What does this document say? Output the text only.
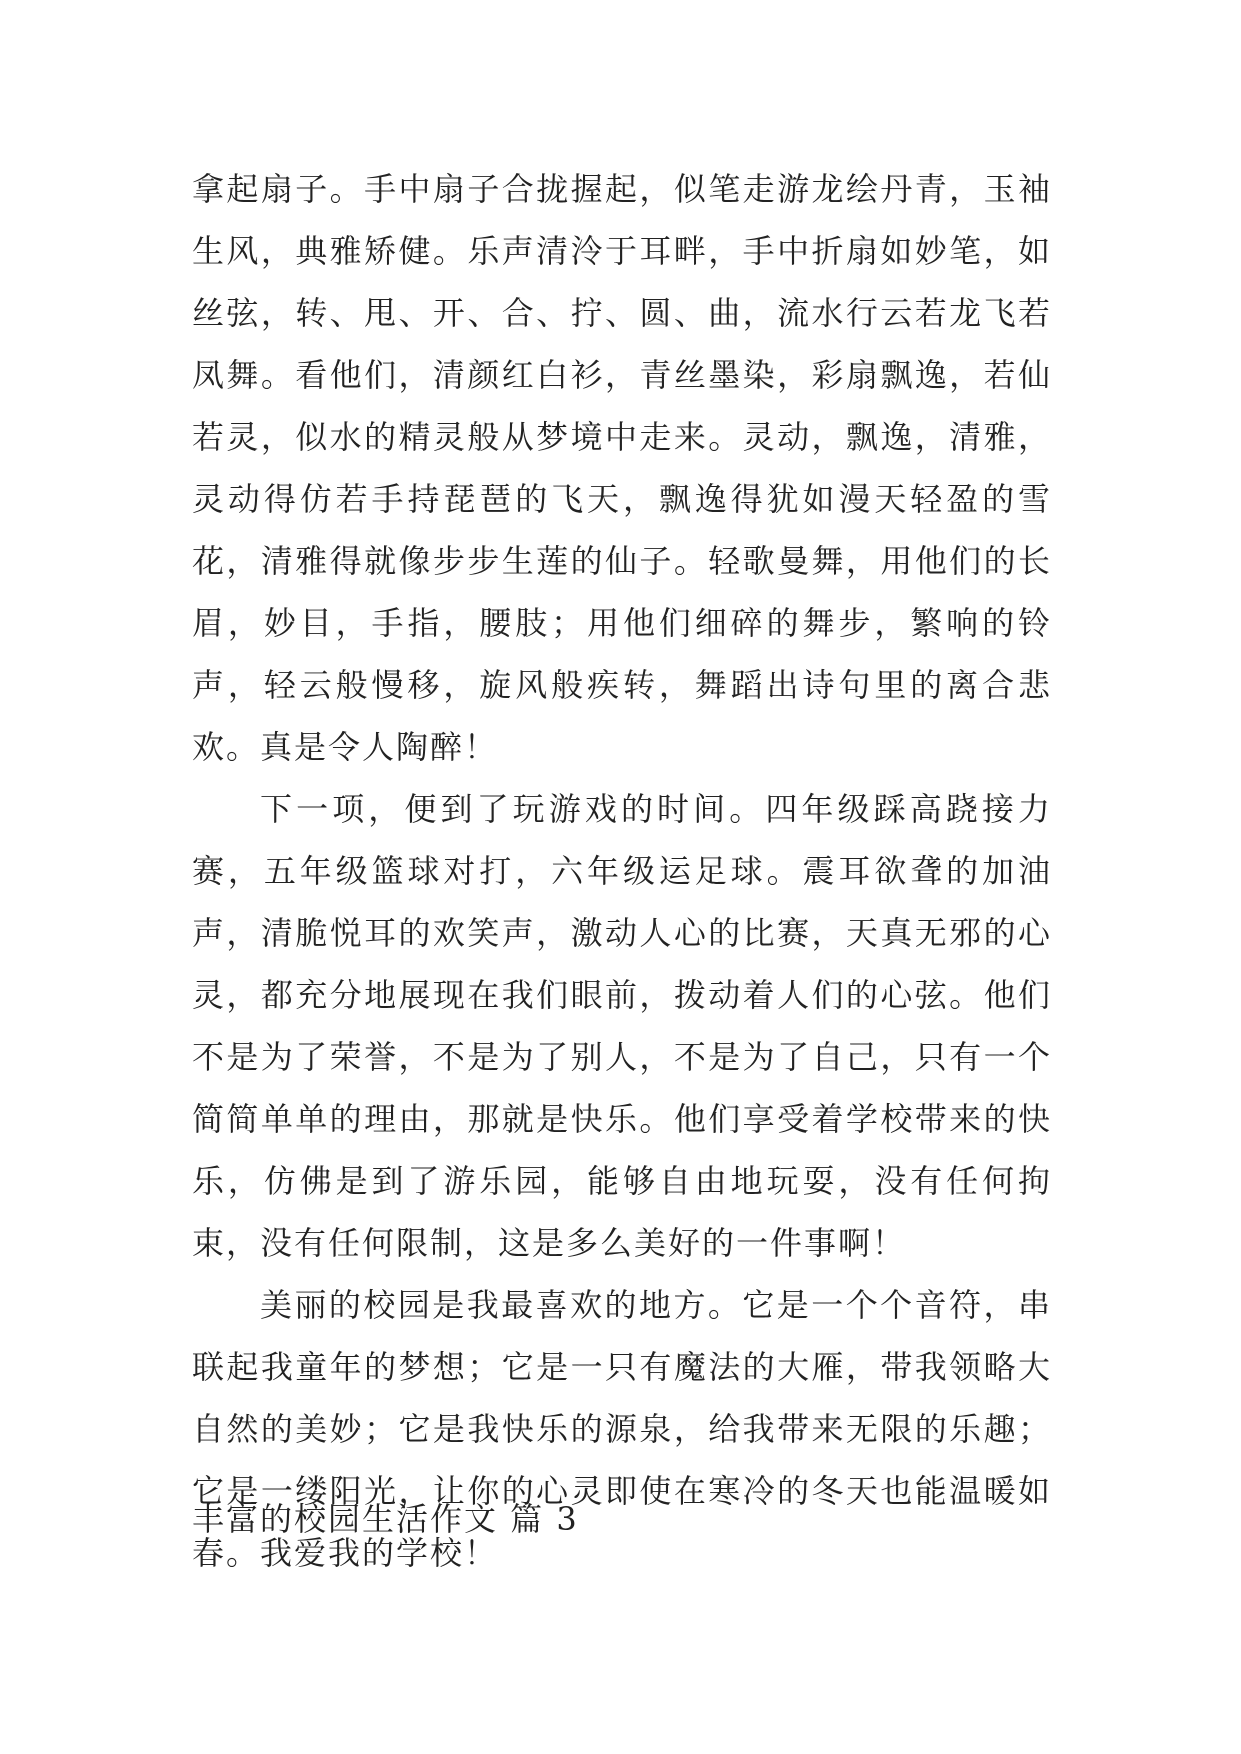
拿起扇子。手中扇子合拢握起，似笔走游龙绘丹青，玉袖生风，典雅矫健。乐声清泠于耳畔，手中折扇如妙笔，如丝弦，转、甩、开、合、拧、圆、曲，流水行云若龙飞若凤舞。看他们，清颜红白衫，青丝墨染，彩扇飘逸，若仙若灵，似水的精灵般从梦境中走来。灵动，飘逸，清雅，灵动得仿若手持琵琶的飞天，飘逸得犹如漫天轻盈的雪花，清雅得就像步步生莲的仙子。轻歌曼舞，用他们的长眉，妙目，手指，腰肢；用他们细碎的舞步，繁响的铃声，轻云般慢移，旋风般疾转，舞蹈出诗句里的离合悲欢。真是令人陶醉！

下一项，便到了玩游戏的时间。四年级踩高跷接力赛，五年级篮球对打，六年级运足球。震耳欲聋的加油声，清脆悦耳的欢笑声，激动人心的比赛，天真无邪的心灵，都充分地展现在我们眼前，拨动着人们的心弦。他们不是为了荣誉，不是为了别人，不是为了自己，只有一个简简单单的理由，那就是快乐。他们享受着学校带来的快乐，仿佛是到了游乐园，能够自由地玩耍，没有任何拘束，没有任何限制，这是多么美好的一件事啊！

美丽的校园是我最喜欢的地方。它是一个个音符，串联起我童年的梦想；它是一只有魔法的大雁，带我领略大自然的美妙；它是我快乐的源泉，给我带来无限的乐趣；它是一缕阳光，让你的心灵即使在寒冷的冬天也能温暖如春。我爱我的学校！

丰富的校园生活作文 篇 3
